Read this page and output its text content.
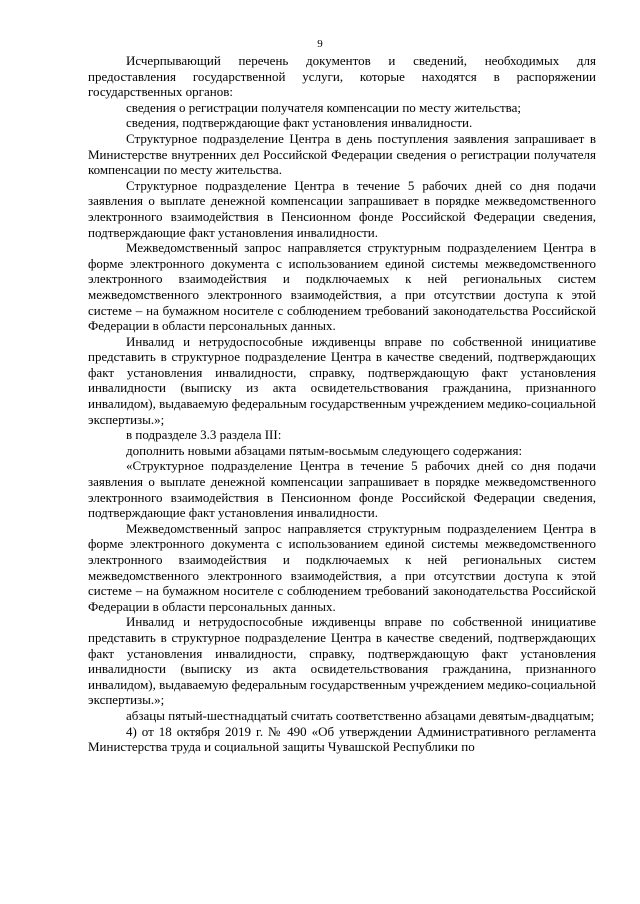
9

Исчерпывающий перечень документов и сведений, необходимых для предоставления государственной услуги, которые находятся в распоряжении государственных органов:

сведения о регистрации получателя компенсации по месту жительства;

сведения, подтверждающие факт установления инвалидности.

Структурное подразделение Центра в день поступления заявления запрашивает в Министерстве внутренних дел Российской Федерации сведения о регистрации получателя компенсации по месту жительства.

Структурное подразделение Центра в течение 5 рабочих дней со дня подачи заявления о выплате денежной компенсации запрашивает в порядке межведомственного электронного взаимодействия в Пенсионном фонде Российской Федерации сведения, подтверждающие факт установления инвалидности.

Межведомственный запрос направляется структурным подразделением Центра в форме электронного документа с использованием единой системы межведомственного электронного взаимодействия и подключаемых к ней региональных систем межведомственного электронного взаимодействия, а при отсутствии доступа к этой системе – на бумажном носителе с соблюдением требований законодательства Российской Федерации в области персональных данных.

Инвалид и нетрудоспособные иждивенцы вправе по собственной инициативе представить в структурное подразделение Центра в качестве сведений, подтверждающих факт установления инвалидности, справку, подтверждающую факт установления инвалидности (выписку из акта освидетельствования гражданина, признанного инвалидом), выдаваемую федеральным государственным учреждением медико-социальной экспертизы.»;

в подразделе 3.3 раздела III:

дополнить новыми абзацами пятым-восьмым следующего содержания:

«Структурное подразделение Центра в течение 5 рабочих дней со дня подачи заявления о выплате денежной компенсации запрашивает в порядке межведомственного электронного взаимодействия в Пенсионном фонде Российской Федерации сведения, подтверждающие факт установления инвалидности.

Межведомственный запрос направляется структурным подразделением Центра в форме электронного документа с использованием единой системы межведомственного электронного взаимодействия и подключаемых к ней региональных систем межведомственного электронного взаимодействия, а при отсутствии доступа к этой системе – на бумажном носителе с соблюдением требований законодательства Российской Федерации в области персональных данных.

Инвалид и нетрудоспособные иждивенцы вправе по собственной инициативе представить в структурное подразделение Центра в качестве сведений, подтверждающих факт установления инвалидности, справку, подтверждающую факт установления инвалидности (выписку из акта освидетельствования гражданина, признанного инвалидом), выдаваемую федеральным государственным учреждением медико-социальной экспертизы.»;

абзацы пятый-шестнадцатый считать соответственно абзацами девятым-двадцатым;

4) от 18 октября 2019 г. № 490 «Об утверждении Административного регламента Министерства труда и социальной защиты Чувашской Республики по
